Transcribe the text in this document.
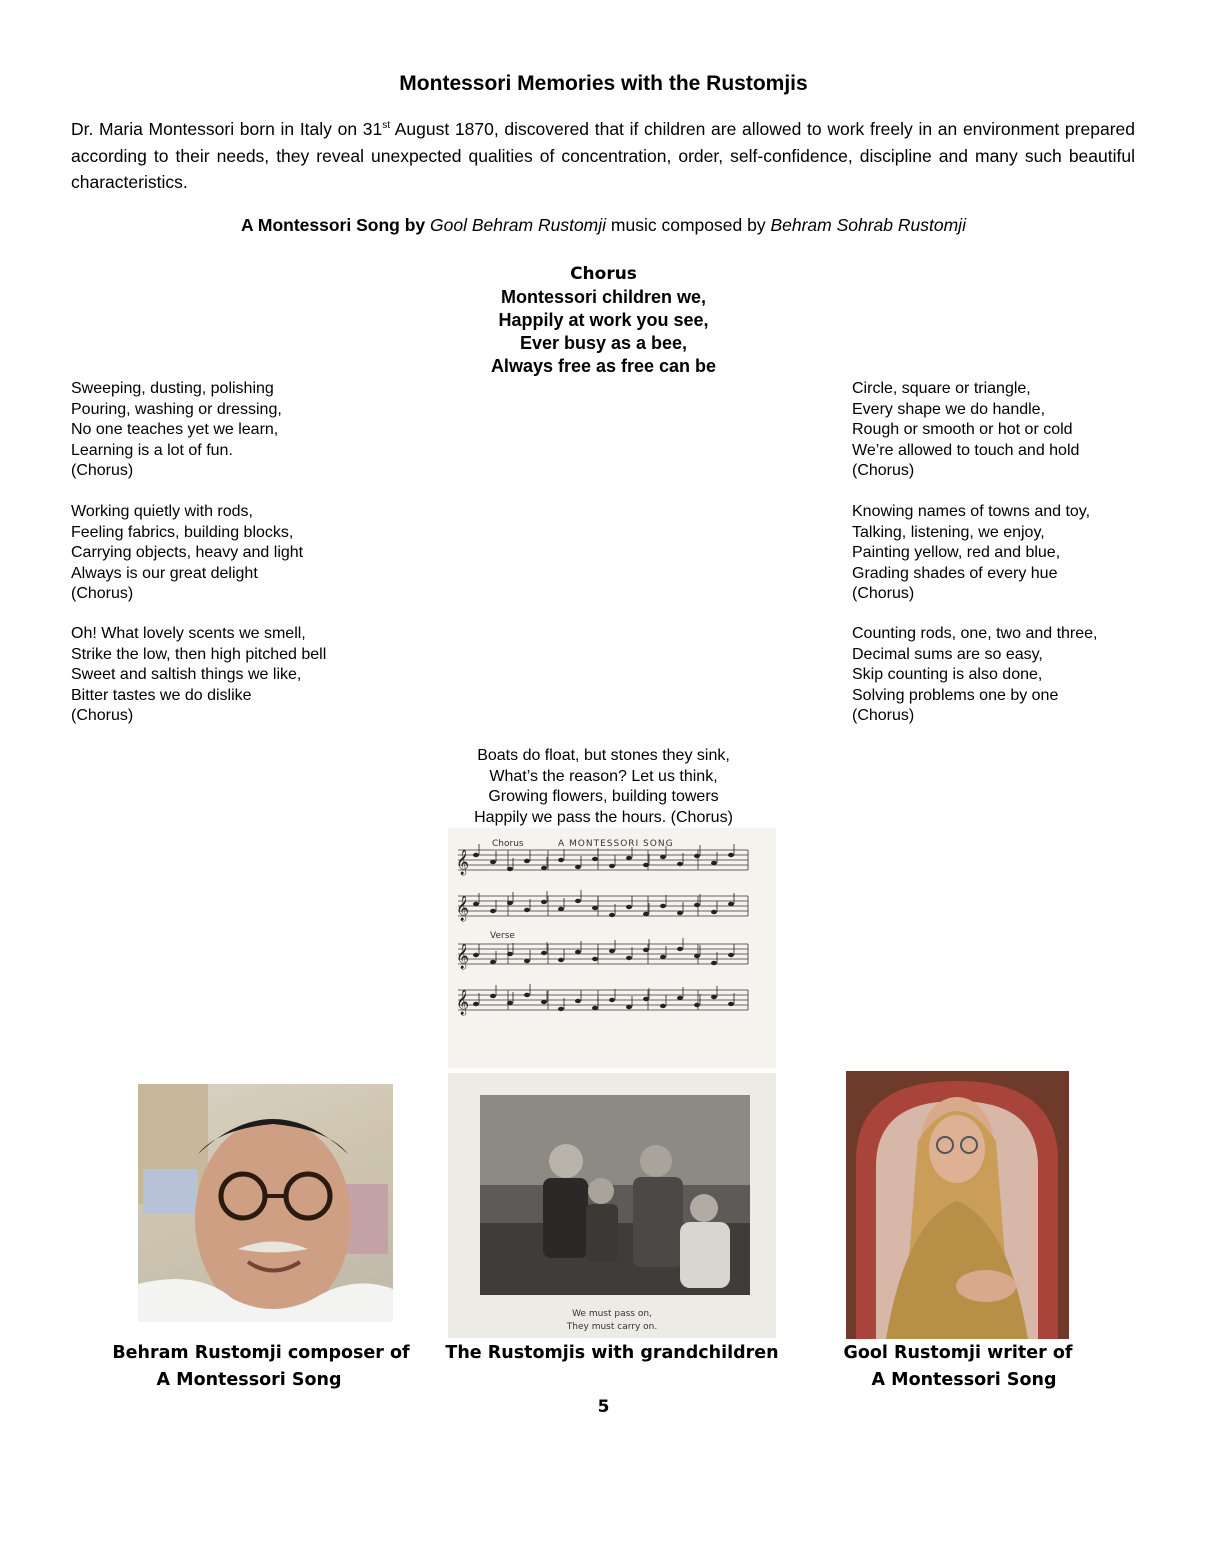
Montessori Memories with the Rustomjis
Dr. Maria Montessori born in Italy on 31st August 1870, discovered that if children are allowed to work freely in an environment prepared according to their needs, they reveal unexpected qualities of concentration, order, self-confidence, discipline and many such beautiful characteristics.
A Montessori Song by Gool Behram Rustomji music composed by Behram Sohrab Rustomji
Chorus
Montessori children we,
Happily at work you see,
Ever busy as a bee,
Always free as free can be
Sweeping, dusting, polishing
Pouring, washing or dressing,
No one teaches yet we learn,
Learning is a lot of fun.
(Chorus)
Working quietly with rods,
Feeling fabrics, building blocks,
Carrying objects, heavy and light
Always is our great delight
(Chorus)
Oh! What lovely scents we smell,
Strike the low, then high pitched bell
Sweet and saltish things we like,
Bitter tastes we do dislike
(Chorus)
Circle, square or triangle,
Every shape we do handle,
Rough or smooth or hot or cold
We’re allowed to touch and hold
(Chorus)
Knowing names of towns and toy,
Talking, listening, we enjoy,
Painting yellow, red and blue,
Grading shades of every hue
(Chorus)
Counting rods, one, two and three,
Decimal sums are so easy,
Skip counting is also done,
Solving problems one by one
(Chorus)
Boats do float, but stones they sink,
What’s the reason? Let us think,
Growing flowers, building towers
Happily we pass the hours. (Chorus)
Chorus	A MONTESSORI SONG
Verse
𝄞
𝄞
𝄞
𝄞
We must pass on,
They must carry on.
Behram Rustomji composer of
A Montessori Song
The Rustomjis with grandchildren	Gool Rustomji writer of
A Montessori Song
5
